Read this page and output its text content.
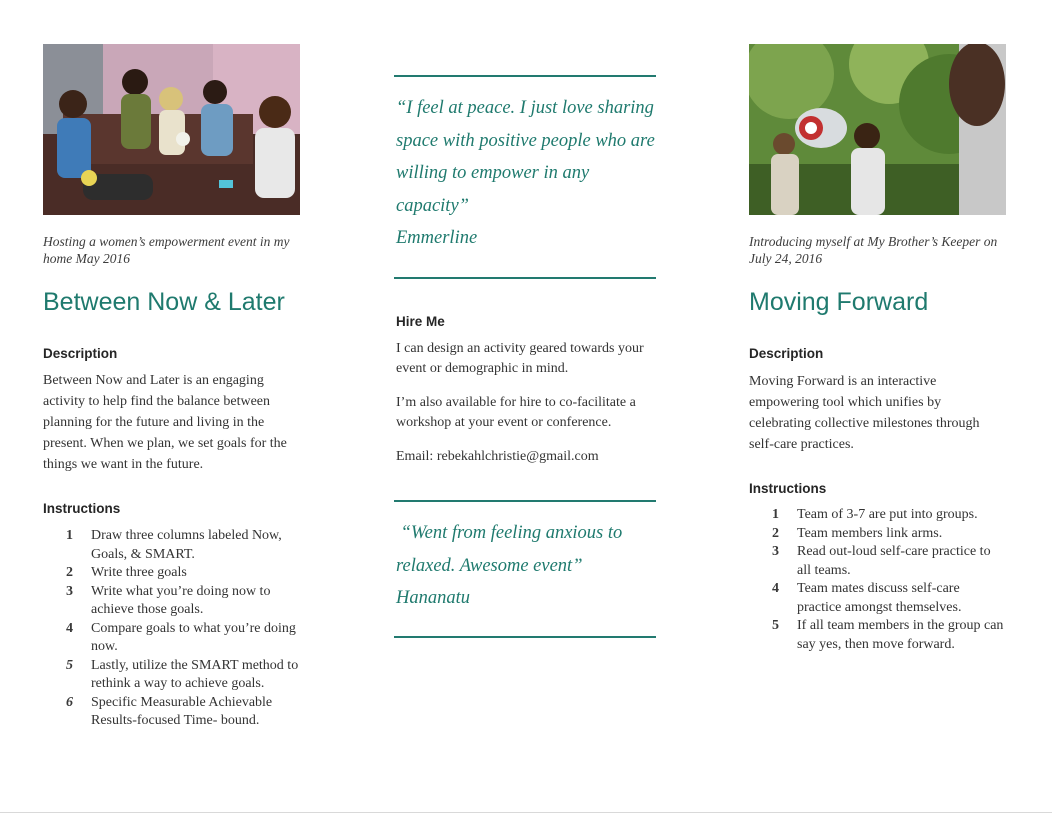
Hosting a women’s empowerment event in my home May 2016
Between Now & Later
Description
Between Now and Later is an engaging activity to help find the balance between planning for the future and living in the present. When we plan, we set goals for the things we want in the future.
Instructions
1 Draw three columns labeled Now, Goals, & SMART.
2 Write three goals
3 Write what you’re doing now to achieve those goals.
4 Compare goals to what you’re doing now.
5 Lastly, utilize the SMART method to rethink a way to achieve goals.
6 Specific Measurable Achievable Results-focused Time- bound.
“I feel at peace. I just love sharing space with positive people who are willing to empower in any capacity”
Emmerline
Hire Me
I can design an activity geared towards your event or demographic in mind.
I’m also available for hire to co-facilitate a workshop at your event or conference.
Email: rebekahlchristie@gmail.com
“Went from feeling anxious to relaxed. Awesome event”
Hananatu
Introducing myself at My Brother’s Keeper on July 24, 2016
Moving Forward
Description
Moving Forward is an interactive empowering tool which unifies by celebrating collective milestones through self-care practices.
Instructions
1 Team of 3-7 are put into groups.
2 Team members link arms.
3 Read out-loud self-care practice to all teams.
4 Team mates discuss self-care practice amongst themselves.
5 If all team members in the group can say yes, then move forward.
